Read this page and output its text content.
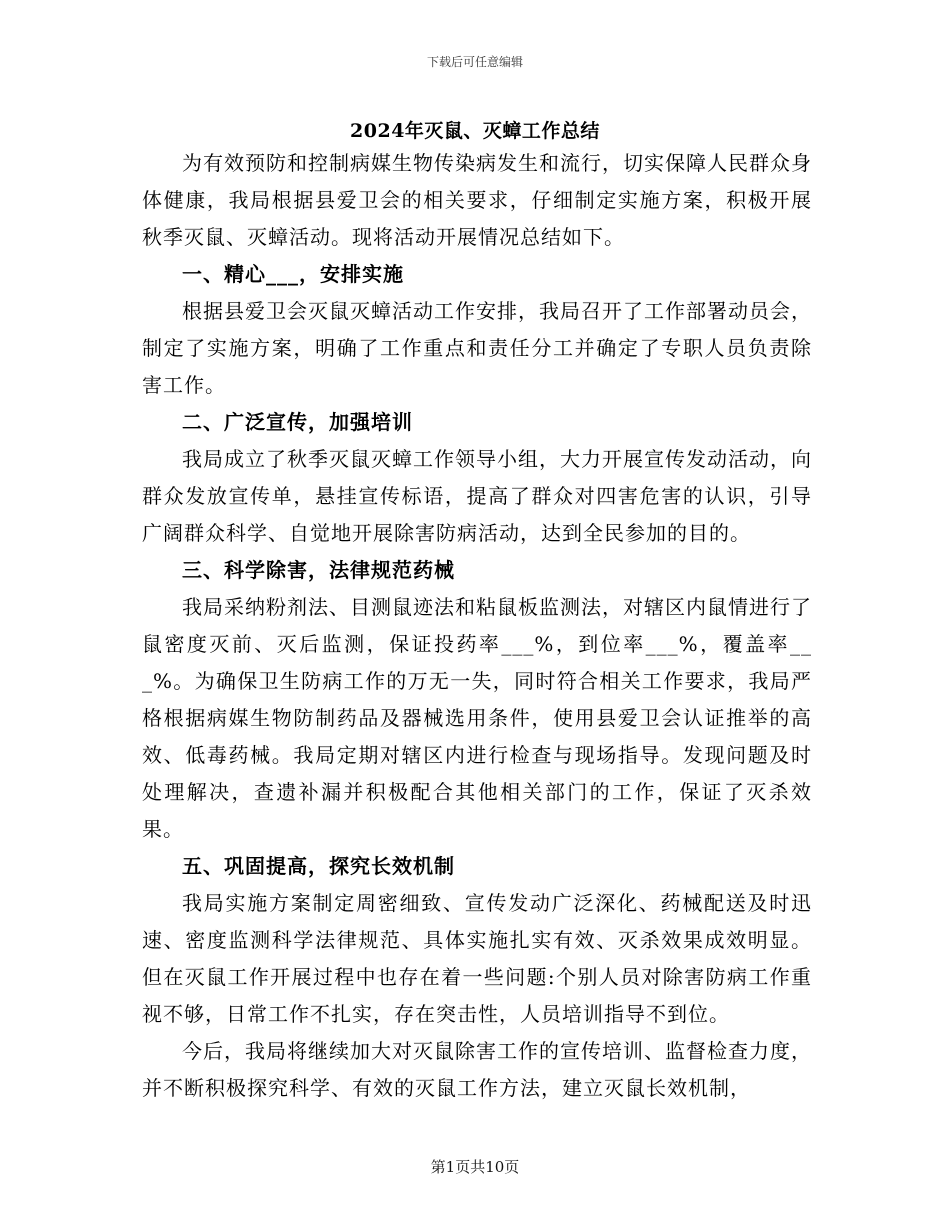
下载后可任意编辑
2024年灭鼠、灭蟑工作总结

为有效预防和控制病媒生物传染病发生和流行，切实保障人民群众身体健康，我局根据县爱卫会的相关要求，仔细制定实施方案，积极开展秋季灭鼠、灭蟑活动。现将活动开展情况总结如下。

一、精心___，安排实施

根据县爱卫会灭鼠灭蟑活动工作安排，我局召开了工作部署动员会，制定了实施方案，明确了工作重点和责任分工并确定了专职人员负责除害工作。

二、广泛宣传，加强培训

我局成立了秋季灭鼠灭蟑工作领导小组，大力开展宣传发动活动，向群众发放宣传单，悬挂宣传标语，提高了群众对四害危害的认识，引导广阔群众科学、自觉地开展除害防病活动，达到全民参加的目的。

三、科学除害，法律规范药械

我局采纳粉剂法、目测鼠迹法和粘鼠板监测法，对辖区内鼠情进行了鼠密度灭前、灭后监测，保证投药率___%，到位率___%，覆盖率___%。为确保卫生防病工作的万无一失，同时符合相关工作要求，我局严格根据病媒生物防制药品及器械选用条件，使用县爱卫会认证推举的高效、低毒药械。我局定期对辖区内进行检查与现场指导。发现问题及时处理解决，查遗补漏并积极配合其他相关部门的工作，保证了灭杀效果。

五、巩固提高，探究长效机制

我局实施方案制定周密细致、宣传发动广泛深化、药械配送及时迅速、密度监测科学法律规范、具体实施扎实有效、灭杀效果成效明显。但在灭鼠工作开展过程中也存在着一些问题:个别人员对除害防病工作重视不够，日常工作不扎实，存在突击性，人员培训指导不到位。

今后，我局将继续加大对灭鼠除害工作的宣传培训、监督检查力度，并不断积极探究科学、有效的灭鼠工作方法，建立灭鼠长效机制，

第1页共10页
